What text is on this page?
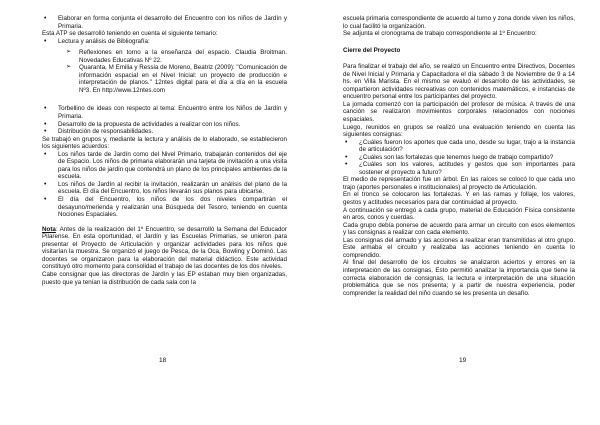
• Elaborar en forma conjunta el desarrollo del Encuentro con los niños de Jardín y Primaria.

Esta ATP se desarrolló teniendo en cuenta el siguiente temario:

• Lectura y análisis de Bibliografía:
➢ Reflexiones en torno a la enseñanza del espacio. Claudia Broitman. Novedades Educativas Nº 22.
➢ Quaranta, M Emilia y Ressia de Moreno, Beatriz (2009): "Comunicación de información espacial en el Nivel Inicial: un proyecto de producción e interpretación de planos." 12ntes digital para el día a día en la escuela Nº3. En http://www.12ntes.com
• Torbellino de ideas con respecto al tema: Encuentro entre los Niños de Jardín y Primaria.
• Desarrollo de la propuesta de actividades a realizar con los niños.
• Distribución de responsabilidades.

Se trabajó en grupos y, mediante la lectura y análisis de lo elaborado, se establecieron los siguientes acuerdos:

• Los niños tarde de Jardín como del Nivel Primario, trabajarán contenidos del eje de Espacio. Los niños de primaria elaborarán una tarjeta de invitación a una visita para los niños de jardín que contendrá un plano de los principales ambientes de la escuela.
• Los niños de Jardín al recibir la invitación, realizarán un análisis del plano de la escuela. El día del Encuentro, los niños llevarán sus planos para ubicarse.
• El día del Encuentro, los niños de los dos niveles compartirán el desayuno/merienda y realizarán una Búsqueda del Tesoro, teniendo en cuenta Nociones Espaciales.

Nota: Antes de la realización del 1º Encuentro, se desarrolló la Semana del Educador Pilarense. En esta oportunidad, el Jardín y las Escuelas Primarias, se unieron para presentar el Proyecto de Articulación y organizar actividades para los niños que visitarían la muestra. Se organizó el juego de Pesca, de la Oca, Bowling y Dominó. Las docentes se organizaron para la elaboración del material didáctico. Este actividad constituyó otro momento para consolidad el trabajo de las docentes de los dos niveles.

Cabe consignar que las directoras de Jardín y las EP estaban muy bien organizadas, puesto que ya tenían la distribución de cada sala con la

18

escuela primaria correspondiente de acuerdo al turno y zona donde viven los niños, lo cual facilitó la organización.

Se adjunta el cronograma de trabajo correspondiente al 1º Encuentro:

Cierre del Proyecto

Para finalizar el trabajo del año, se realizó un Encuentro entre Directivos, Docentes de Nivel Inicial y Primaria y Capacitadora el día sábado 3 de Noviembre de 9 a 14 hs. en Villa Marista. En el mismo se evaluó el desarrollo de las actividades, se compartieron actividades recreativas con contenidos matemáticos, e instancias de encuentro personal entre los participantes del proyecto.

La jornada comenzó con la participación del profesor de música. A través de una canción se realizaron movimientos corporales relacionados con nociones espaciales.

Luego, reunidos en grupos se realizó una evaluación teniendo en cuenta las siguientes consignas:

• ¿Cuáles fueron los aportes que cada uno, desde su lugar, trajo a la instancia de articulación?
• ¿Cuáles son las fortalezas que tenemos luego de trabajo compartido?
• ¿Cuáles son los valores, actitudes y gestos que son importantes para sostener el proyecto a futuro?

El medio de representación fue un árbol. En las raíces se colocó lo que cada uno trajo (aportes personales e institucionales) al proyecto de Articulación.

En el tronco se colocaron las fortalezas. Y en las ramas y follaje, los valores, gestos y actitudes necesarios para dar continuidad al proyecto.

A continuación se entregó a cada grupo, material de Educación Física consistente en aros, conos y cuerdas.

Cada grupo debía ponerse de acuerdo para armar un circuito con esos elementos y las consignas a realizar con cada elemento.

Las consignas del armado y las acciones a realizar eran transmitidas al otro grupo. Este armaba el circuito y realizaba las acciones teniendo en cuenta lo comprendido.

Al final del desarrollo de los circuitos se analizaron aciertos y errores en la interpretación de las consignas. Esto permitió analizar la importancia que tiene la correcta elaboración de consignas, la lectura e interpretación de una situación problemática que se nos presenta; y a partir de nuestra experiencia, poder comprender la realidad del niño cuando se les presenta un desafío.

19
